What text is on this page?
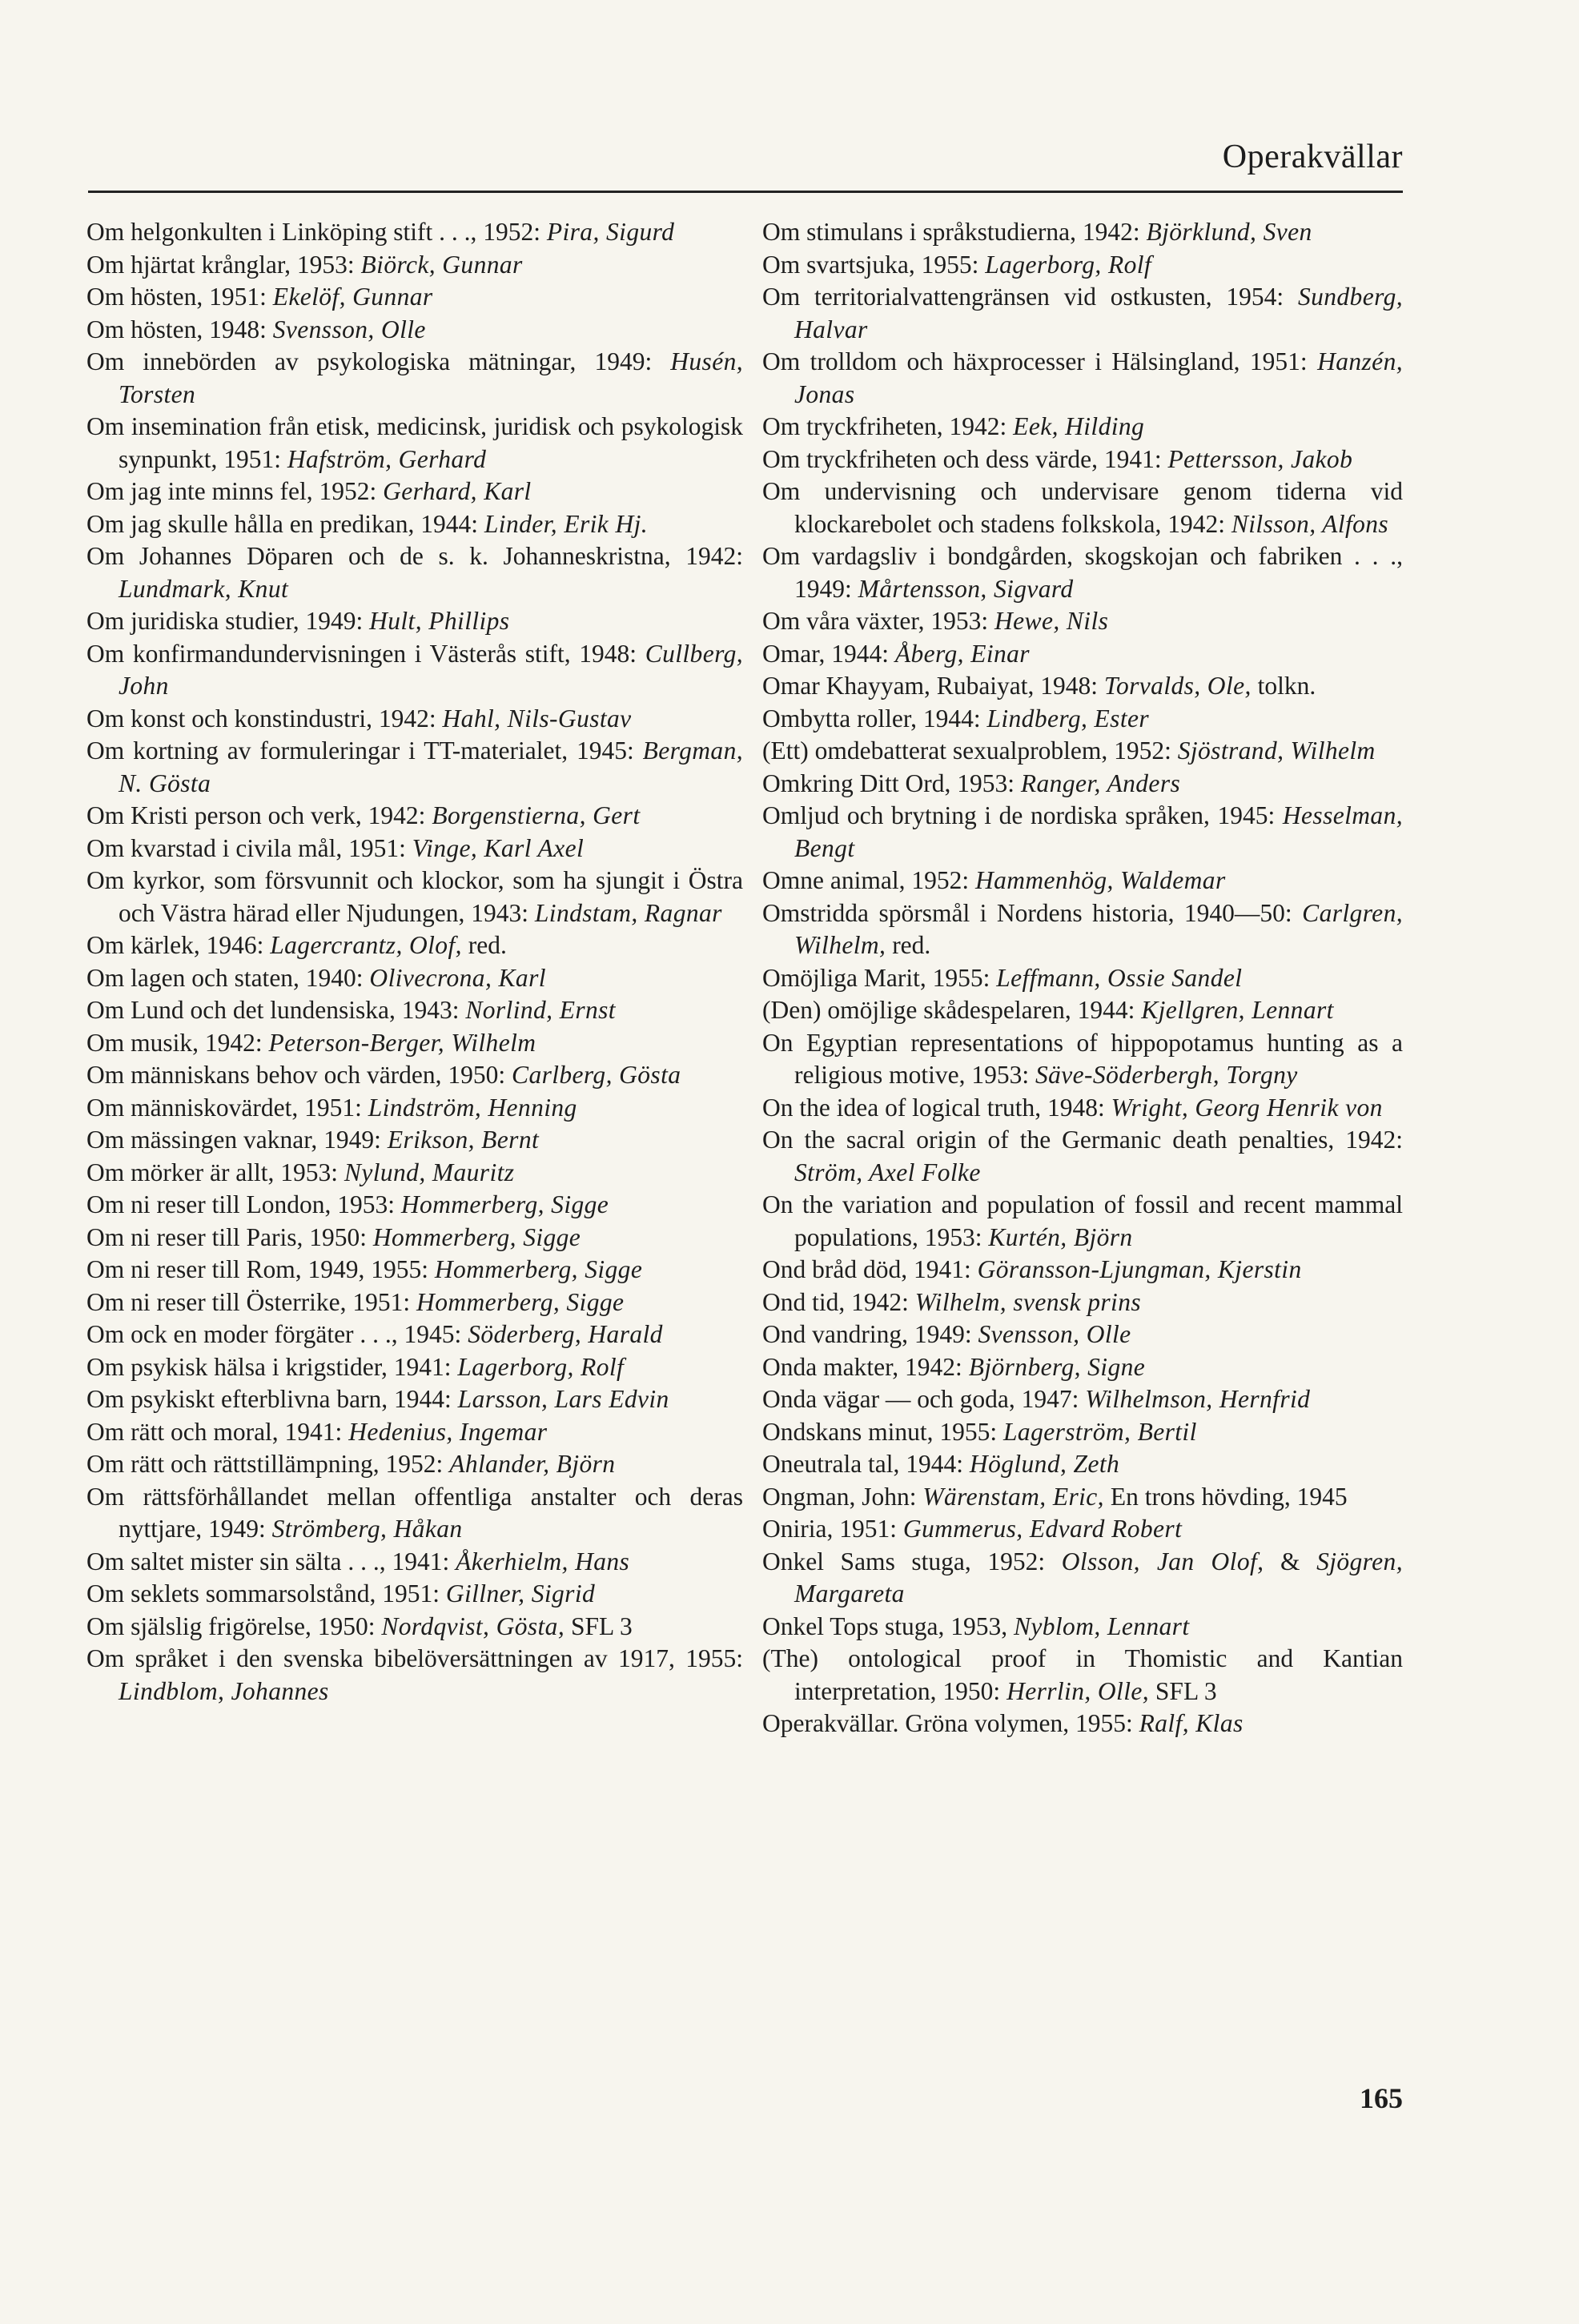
Operakvällar
Om helgonkulten i Linköping stift . . ., 1952: Pira, Sigurd
Om hjärtat krånglar, 1953: Biörck, Gunnar
Om hösten, 1951: Ekelöf, Gunnar
Om hösten, 1948: Svensson, Olle
Om innebörden av psykologiska mätningar, 1949: Husén, Torsten
Om insemination från etisk, medicinsk, juridisk och psykologisk synpunkt, 1951: Hafström, Gerhard
Om jag inte minns fel, 1952: Gerhard, Karl
Om jag skulle hålla en predikan, 1944: Linder, Erik Hj.
Om Johannes Döparen och de s. k. Johanneskristna, 1942: Lundmark, Knut
Om juridiska studier, 1949: Hult, Phillips
Om konfirmandundervisningen i Västerås stift, 1948: Cullberg, John
Om konst och konstindustri, 1942: Hahl, Nils-Gustav
Om kortning av formuleringar i TT-materialet, 1945: Bergman, N. Gösta
Om Kristi person och verk, 1942: Borgenstierna, Gert
Om kvarstad i civila mål, 1951: Vinge, Karl Axel
Om kyrkor, som försvunnit och klockor, som ha sjungit i Östra och Västra härad eller Njudungen, 1943: Lindstam, Ragnar
Om kärlek, 1946: Lagercrantz, Olof, red.
Om lagen och staten, 1940: Olivecrona, Karl
Om Lund och det lundensiska, 1943: Norlind, Ernst
Om musik, 1942: Peterson-Berger, Wilhelm
Om människans behov och värden, 1950: Carlberg, Gösta
Om människovärdet, 1951: Lindström, Henning
Om mässingen vaknar, 1949: Erikson, Bernt
Om mörker är allt, 1953: Nylund, Mauritz
Om ni reser till London, 1953: Hommerberg, Sigge
Om ni reser till Paris, 1950: Hommerberg, Sigge
Om ni reser till Rom, 1949, 1955: Hommerberg, Sigge
Om ni reser till Österrike, 1951: Hommerberg, Sigge
Om ock en moder förgäter . . ., 1945: Söderberg, Harald
Om psykisk hälsa i krigstider, 1941: Lagerborg, Rolf
Om psykiskt efterblivna barn, 1944: Larsson, Lars Edvin
Om rätt och moral, 1941: Hedenius, Ingemar
Om rätt och rättstillämpning, 1952: Ahlander, Björn
Om rättsförhållandet mellan offentliga anstalter och deras nyttjare, 1949: Strömberg, Håkan
Om saltet mister sin sälta . . ., 1941: Åkerhielm, Hans
Om seklets sommarsolstånd, 1951: Gillner, Sigrid
Om själslig frigörelse, 1950: Nordqvist, Gösta, SFL 3
Om språket i den svenska bibelöversättningen av 1917, 1955: Lindblom, Johannes
Om stimulans i språkstudierna, 1942: Björklund, Sven
Om svartsjuka, 1955: Lagerborg, Rolf
Om territorialvattengränsen vid ostkusten, 1954: Sundberg, Halvar
Om trolldom och häxprocesser i Hälsingland, 1951: Hanzén, Jonas
Om tryckfriheten, 1942: Eek, Hilding
Om tryckfriheten och dess värde, 1941: Pettersson, Jakob
Om undervisning och undervisare genom tiderna vid klockarebolet och stadens folkskola, 1942: Nilsson, Alfons
Om vardagsliv i bondgården, skogskojan och fabriken . . ., 1949: Mårtensson, Sigvard
Om våra växter, 1953: Hewe, Nils
Omar, 1944: Åberg, Einar
Omar Khayyam, Rubaiyat, 1948: Torvalds, Ole, tolkn.
Ombytta roller, 1944: Lindberg, Ester
(Ett) omdebatterat sexualproblem, 1952: Sjöstrand, Wilhelm
Omkring Ditt Ord, 1953: Ranger, Anders
Omljud och brytning i de nordiska språken, 1945: Hesselman, Bengt
Omne animal, 1952: Hammenhög, Waldemar
Omstridda spörsmål i Nordens historia, 1940—50: Carlgren, Wilhelm, red.
Omöjliga Marit, 1955: Leffmann, Ossie Sandel
(Den) omöjlige skådespelaren, 1944: Kjellgren, Lennart
On Egyptian representations of hippopotamus hunting as a religious motive, 1953: Säve-Söderbergh, Torgny
On the idea of logical truth, 1948: Wright, Georg Henrik von
On the sacral origin of the Germanic death penalties, 1942: Ström, Axel Folke
On the variation and population of fossil and recent mammal populations, 1953: Kurtén, Björn
Ond bråd död, 1941: Göransson-Ljungman, Kjerstin
Ond tid, 1942: Wilhelm, svensk prins
Ond vandring, 1949: Svensson, Olle
Onda makter, 1942: Björnberg, Signe
Onda vägar — och goda, 1947: Wilhelmson, Hernfrid
Ondskans minut, 1955: Lagerström, Bertil
Oneutrala tal, 1944: Höglund, Zeth
Ongman, John: Wärenstam, Eric, En trons hövding, 1945
Oniria, 1951: Gummerus, Edvard Robert
Onkel Sams stuga, 1952: Olsson, Jan Olof, & Sjögren, Margareta
Onkel Tops stuga, 1953, Nyblom, Lennart
(The) ontological proof in Thomistic and Kantian interpretation, 1950: Herrlin, Olle, SFL 3
Operakvällar. Gröna volymen, 1955: Ralf, Klas
165
